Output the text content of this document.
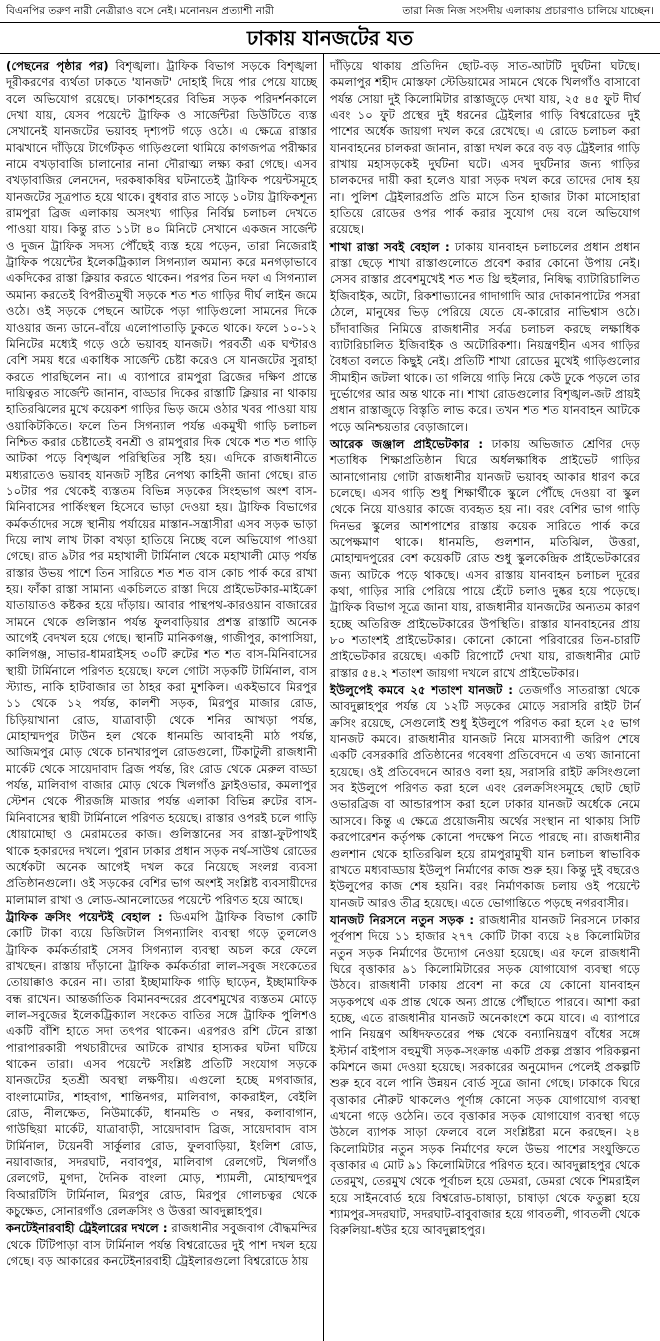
বিএনপির তরুণ নারী নেত্রীরাও বসে নেই। মনোনয়ন প্রত্যাশী নারী	তারা নিজ নিজ সংসদীয় এলাকায় প্রচারণাও চালিয়ে যাচ্ছেন।
ঢাকায় যানজটের যত

(পেছনের পৃষ্ঠার পর) বিশৃঙ্খলা। ট্রাফিক বিভাগ সড়কে বিশৃঙ্খলা দূরীকরণের ব্যর্থতা ঢাকতে 'যানজট' দোহাই দিয়ে পার পেয়ে যাচ্ছে বলে অভিযোগ রয়েছে। ঢাকাশহরের বিভিন্ন সড়ক পরিদর্শনকালে দেখা যায়, যেসব পয়েন্টে ট্রাফিক ও সার্জেন্টরা ডিউটিতে ব্যস্ত সেখানেই যানজটের ভয়াবহ দৃশ্যপট গড়ে ওঠে। এ ক্ষেত্রে রাস্তার মাঝখানে দাঁড়িয়ে টার্গেটকৃত গাড়িগুলো থামিয়ে কাগজপত্র পরীক্ষার নামে বখড়াবাজি চালানোর নানা দৌরাত্ম্য লক্ষ্য করা গেছে। এসব বখড়াবাজির লেনদেন, দরকষাকষির ঘটনাতেই ট্রাফিক পয়েন্টসমূহে যানজটের সূত্রপাত হয়ে থাকে। বুধবার রাত সাড়ে ১০টায় ট্রাফিকশূন্য রামপুরা ব্রিজ এলাকায় অসংখ্য গাড়ির নির্বিঘ্ন চলাচল দেখতে পাওয়া যায়। কিন্তু রাত ১১টা ৪০ মিনিটে সেখানে একজন সার্জেন্ট ও দুজন ট্রাফিক সদস্য পৌঁছেই ব্যস্ত হয়ে পড়েন, তারা নিজেরাই ট্রাফিক পয়েন্টের ইলেকট্রিক্যাল সিগন্যাল অমান্য করে মনগড়াভাবে একদিকের রাস্তা ক্লিয়ার করতে থাকেন। পরপর তিন দফা এ সিগন্যাল অমান্য করতেই বিপরীতমুখী সড়কে শত শত গাড়ির দীর্ঘ লাইন জমে ওঠে। ওই সড়কে পেছনে আটকে পড়া গাড়িগুলো সামনের দিকে যাওয়ার জন্য ডানে-বাঁয়ে এলোপাতাড়ি ঢুকতে থাকে। ফলে ১০-১২ মিনিটের মধ্যেই গড়ে ওঠে ভয়াবহ যানজট। পরবর্তী এক ঘণ্টারও বেশি সময় ধরে একাধিক সার্জেন্ট চেষ্টা করেও সে যানজটের সুরাহা করতে পারছিলেন না। এ ব্যাপারে রামপুরা ব্রিজের দক্ষিণ প্রান্তে দায়িত্বরত সার্জেন্ট জানান, বাড্ডার দিকের রাস্তাটি ক্লিয়ার না থাকায় হাতিরঝিলের মুখে কয়েকশ গাড়ির ভিড় জমে ওঠার খবর পাওয়া যায় ওয়াকিটকিতে। ফলে তিন সিগন্যাল পর্যন্ত একমুখী গাড়ি চলাচল নিশ্চিত করার চেষ্টাতেই বনশ্রী ও রামপুরার দিক থেকে শত শত গাড়ি আটকা পড়ে বিশৃঙ্খল পরিস্থিতির সৃষ্টি হয়। এদিকে রাজধানীতে মধ্যরাতেও ভয়াবহ যানজট সৃষ্টির নেপথ্য কাহিনী জানা গেছে। রাত ১০টার পর থেকেই ব্যস্ততম বিভিন্ন সড়কের সিংহভাগ অংশ বাস-মিনিবাসের পার্কিংস্থল হিসেবে ভাড়া দেওয়া হয়। ট্রাফিক বিভাগের কর্মকর্তাদের সঙ্গে স্থানীয় পর্যায়ের মাস্তান-সন্ত্রাসীরা এসব সড়ক ভাড়া দিয়ে লাখ লাখ টাকা বখড়া হাতিয়ে নিচ্ছে বলে অভিযোগ পাওয়া গেছে। রাত ৯টার পর মহাখালী টার্মিনাল থেকে মহাখালী মোড় পর্যন্ত রাস্তার উভয় পাশে তিন সারিতে শত শত বাস কোচ পার্ক করে রাখা হয়। ফাঁকা রাস্তা সামান্য একচিলতে রাস্তা দিয়ে প্রাইভেটকার-মাইক্রো যাতায়াতও কষ্টকর হয়ে দাঁড়ায়। আবার পান্থপথ-কারওয়ান বাজারের সামনে থেকে গুলিস্তান পর্যন্ত ফুলবাড়িয়ার প্রশস্ত রাস্তাটি অনেক আগেই বেদখল হয়ে গেছে। স্থানটি মানিকগঞ্জ, গাজীপুর, কাপাসিয়া, কালিগঞ্জ, সাভার-ধামরাইসহ ৩০টি রুটের শত শত বাস-মিনিবাসের স্থায়ী টার্মিনালে পরিণত হয়েছে। ফলে গোটা সড়কটি টার্মিনাল, বাস স্ট্যান্ড, নাকি হাটবাজার তা ঠাহর করা মুশকিল। একইভাবে মিরপুর ১১ থেকে ১২ পর্যন্ত, কালশী সড়ক, মিরপুর মাজার রোড, চিড়িয়াখানা রোড, যাত্রাবাড়ী থেকে শনির আখড়া পর্যন্ত, মোহাম্মদপুর টাউন হল থেকে ধানমন্ডি আবাহনী মাঠ পর্যন্ত, আজিমপুর মোড় থেকে চানখারপুল রোডগুলো, টিকাটুলী রাজধানী মার্কেট থেকে সায়েদাবাদ ব্রিজ পর্যন্ত, রিং রোড থেকে মেরুল বাড্ডা পর্যন্ত, মালিবাগ বাজার মোড় থেকে খিলগাঁও ফ্লাইওভার, কমলাপুর স্টেশন থেকে পীরজঙ্গি মাজার পর্যন্ত এলাকা বিভিন্ন রুটের বাস-মিনিবাসের স্থায়ী টার্মিনালে পরিণত হয়েছে। রাস্তার ওপরই চলে গাড়ি ধোয়ামোছা ও মেরামতের কাজ। গুলিস্তানের সব রাস্তা-ফুটপাথই থাকে হকারদের দখলে। পুরান ঢাকার প্রধান সড়ক নর্থ-সাউথ রোডের অর্ধেকটা অনেক আগেই দখল করে নিয়েছে সংলগ্ন ব্যবসা প্রতিষ্ঠানগুলো। ওই সড়কের বেশির ভাগ অংশই সংশ্লিষ্ট ব্যবসায়ীদের মালামাল রাখা ও লোড-আনলোডের পয়েন্টে পরিণত হয়ে আছে।

ট্রাফিক ক্রসিং পয়েন্টই বেহাল : ডিএমপি ট্রাফিক বিভাগ কোটি কোটি টাকা ব্যয়ে ডিজিটাল সিগন্যালিং ব্যবস্থা গড়ে তুললেও ট্রাফিক কর্মকর্তারাই সেসব সিগন্যাল ব্যবস্থা অচল করে ফেলে রাখছেন। রাস্তায় দাঁড়ানো ট্রাফিক কর্মকর্তারা লাল-সবুজ সংকেতের তোয়াক্কাও করেন না। তারা ইচ্ছামাফিক গাড়ি ছাড়েন, ইচ্ছামাফিক বন্ধ রাখেন। আন্তর্জাতিক বিমানবন্দরের প্রবেশমুখের ব্যস্ততম মোড়ে লাল-সবুজের ইলেকট্রিক্যাল সংকেত বাতির সঙ্গে ট্রাফিক পুলিশও একটি বাঁশি হাতে সদা তৎপর থাকেন। এরপরও রশি টেনে রাস্তা পারাপারকারী পথচারীদের আটকে রাখার হাস্যকর ঘটনা ঘটিয়ে থাকেন তারা। এসব পয়েন্টে সংশ্লিষ্ট প্রতিটি সংযোগ সড়কে যানজটের হতশ্রী অবস্থা লক্ষণীয়। এগুলো হচ্ছে মগবাজার, বাংলামোটর, শাহবাগ, শান্তিনগর, মালিবাগ, কাকরাইল, বেইলি রোড, নীলক্ষেত, নিউমার্কেট, ধানমন্ডি ৩ নম্বর, কলাবাগান, গাউছিয়া মার্কেট, যাত্রাবাড়ী, সায়েদাবাদ ব্রিজ, সায়েদাবাদ বাস টার্মিনাল, টয়েনবী সার্কুলার রোড, ফুলবাড়িয়া, ইংলিশ রোড, নয়াবাজার, সদরঘাট, নবাবপুর, মালিবাগ রেলগেট, খিলগাঁও রেলগেট, মুগদা, দৈনিক বাংলা মোড়, শ্যামলী, মোহাম্মদপুর বিআরটিসি টার্মিনাল, মিরপুর রোড, মিরপুর গোলচত্বর থেকে কচুক্ষেত, সোনারগাঁও রেলক্রসিং ও উত্তরা আবদুল্লাহপুর।

কনটেইনারবাহী ট্রেইলারের দখলে : রাজধানীর সবুজবাগ বৌদ্ধমন্দির থেকে টিটিপাড়া বাস টার্মিনাল পর্যন্ত বিশ্বরোডের দুই পাশ দখল হয়ে গেছে। বড় আকারের কনটেইনারবাহী ট্রেইলারগুলো বিশ্বরোডে ঠায়

দাঁড়িয়ে থাকায় প্রতিদিন ছোট-বড় সাত-আটটি দুর্ঘটনা ঘটছে। কমলাপুর শহীদ মোস্তফা স্টেডিয়ামের সামনে থেকে খিলগাঁও বাসাবো পর্যন্ত সোয়া দুই কিলোমিটার রাস্তাজুড়ে দেখা যায়, ২৫ ৪৫ ফুট দীর্ঘ এবং ১০ ফুট প্রস্থের দুই ধরনের ট্রেইলার গাড়ি বিশ্বরোডের দুই পাশের অর্ধেক জায়গা দখল করে রেখেছে। এ রোডে চলাচল করা যানবাহনের চালকরা জানান, রাস্তা দখল করে বড় বড় ট্রেইলার গাড়ি রাখায় মহাসড়কেই দুর্ঘটনা ঘটে। এসব দুর্ঘটনার জন্য গাড়ির চালকদের দায়ী করা হলেও যারা সড়ক দখল করে তাদের দোষ হয় না। পুলিশ ট্রেইলারপ্রতি প্রতি মাসে তিন হাজার টাকা মাসোহারা হাতিয়ে রোডের ওপর পার্ক করার সুযোগ দেয় বলে অভিযোগ রয়েছে।

শাখা রাস্তা সবই বেহাল : ঢাকায় যানবাহন চলাচলের প্রধান প্রধান রাস্তা ছেড়ে শাখা রাস্তাগুলোতে প্রবেশ করার কোনো উপায় নেই। সেসব রাস্তার প্রবেশমুখেই শত শত থ্রি হুইলার, নিষিদ্ধ ব্যাটারিচালিত ইজিবাইক, অটো, রিকশাভ্যানের গাদাগাদি আর দোকানপাটের পসরা ঠেলে, মানুষের ভিড় পেরিয়ে যেতে যে-কারোর নাভিশ্বাস ওঠে। চাঁদাবাজির নিমিত্তে রাজধানীর সর্বত্র চলাচল করছে লক্ষাধিক ব্যাটারিচালিত ইজিবাইক ও অটোরিকশা। নিয়ন্ত্রণহীন এসব গাড়ির বৈধতা বলতে কিছুই নেই। প্রতিটি শাখা রোডের মুখেই গাড়িগুলোর সীমাহীন জটলা থাকে। তা গলিয়ে গাড়ি নিয়ে কেউ ঢুকে পড়লে তার দুর্ভোগের আর অন্ত থাকে না। শাখা রোডগুলোর বিশৃঙ্খল-জট প্রায়ই প্রধান রাস্তাজুড়ে বিস্তৃতি লাভ করে। তখন শত শত যানবাহন আটকে পড়ে অনিশ্চয়তার বেড়াজালে।

আরেক জঞ্জাল প্রাইভেটকার : ঢাকায় অভিজাত শ্রেণির দেড় শতাধিক শিক্ষাপ্রতিষ্ঠান ঘিরে অর্ধলক্ষাধিক প্রাইভেট গাড়ির আনাগোনায় গোটা রাজধানীর যানজট ভয়াবহ আকার ধারণ করে চলেছে। এসব গাড়ি শুধু শিক্ষার্থীকে স্কুলে পৌঁছে দেওয়া বা স্কুল থেকে নিয়ে যাওয়ার কাজে ব্যবহৃত হয় না। বরং বেশির ভাগ গাড়ি দিনভর স্কুলের আশপাশের রাস্তায় কয়েক সারিতে পার্ক করে অপেক্ষমাণ থাকে। ধানমন্ডি, গুলশান, মতিঝিল, উত্তরা, মোহাম্মদপুরের বেশ কয়েকটি রোড শুধু স্কুলকেন্দ্রিক প্রাইভেটকারের জন্য আটকে পড়ে থাকছে। এসব রাস্তায় যানবাহন চলাচল দূরের কথা, গাড়ির সারি পেরিয়ে পায়ে হেঁটে চলাও দুষ্কর হয়ে পড়েছে। ট্রাফিক বিভাগ সূত্রে জানা যায়, রাজধানীর যানজটের অন্যতম কারণ হচ্ছে অতিরিক্ত প্রাইভেটকারের উপস্থিতি। রাস্তার যানবাহনের প্রায় ৮০ শতাংশই প্রাইভেটকার। কোনো কোনো পরিবারের তিন-চারটি প্রাইভেটকার রয়েছে। একটি রিপোর্টে দেখা যায়, রাজধানীর মোট রাস্তার ৫৪.২ শতাংশ জায়গা দখলে রাখে প্রাইভেটকার।

ইউলুপেই কমবে ২৫ শতাংশ যানজট : তেজগাঁও সাতরাস্তা থেকে আবদুল্লাহপুর পর্যন্ত যে ১২টি সড়কের মোড়ে সরাসরি রাইট টার্ন ক্রসিং রয়েছে, সেগুলোই শুধু ইউলুপে পরিণত করা হলে ২৫ ভাগ যানজট কমবে। রাজধানীর যানজট নিয়ে মাসব্যাপী জরিপ শেষে একটি বেসরকারি প্রতিষ্ঠানের গবেষণা প্রতিবেদনে এ তথ্য জানানো হয়েছে। ওই প্রতিবেদনে আরও বলা হয়, সরাসরি রাইট ক্রসিংগুলো সব ইউলুপে পরিণত করা হলে এবং রেলক্রসিংসমূহে ছোট ছোট ওভারব্রিজ বা আন্ডারপাস করা হলে ঢাকার যানজট অর্ধেকে নেমে আসবে। কিন্তু এ ক্ষেত্রে প্রয়োজনীয় অর্থের সংস্থান না থাকায় সিটি করপোরেশন কর্তৃপক্ষ কোনো পদক্ষেপ নিতে পারছে না। রাজধানীর গুলশান থেকে হাতিরঝিল হয়ে রামপুরামুখী যান চলাচল স্বাভাবিক রাখতে মধ্যবাড্ডায় ইউলুপ নির্মাণের কাজ শুরু হয়। কিন্তু দুই বছরেও ইউলুপের কাজ শেষ হয়নি। বরং নির্মাণকাজ চলায় ওই পয়েন্টে যানজট আরও তীব্র হয়েছে। এতে ভোগান্তিতে পড়ছে নগরবাসীর।

যানজট নিরসনে নতুন সড়ক : রাজধানীর যানজট নিরসনে ঢাকার পূর্বপাশ দিয়ে ১১ হাজার ২৭৭ কোটি টাকা ব্যয়ে ২৪ কিলোমিটার নতুন সড়ক নির্মাণের উদ্যোগ নেওয়া হয়েছে। এর ফলে রাজধানী ঘিরে বৃত্তাকার ৯১ কিলোমিটারের সড়ক যোগাযোগ ব্যবস্থা গড়ে উঠবে। রাজধানী ঢাকায় প্রবেশ না করে যে কোনো যানবাহন সড়কপথে এক প্রান্ত থেকে অন্য প্রান্তে পৌঁছাতে পারবে। আশা করা হচ্ছে, এতে রাজধানীর যানজট অনেকাংশে কমে যাবে। এ ব্যাপারে পানি নিয়ন্ত্রণ অধিদফতরের পক্ষ থেকে বন্যানিয়ন্ত্রণ বাঁধের সঙ্গে ইস্টার্ন বাইপাস বহুমুখী সড়ক-সংক্রান্ত একটি প্রকল্প প্রস্তাব পরিকল্পনা কমিশনে জমা দেওয়া হয়েছে। সরকারের অনুমোদন পেলেই প্রকল্পটি শুরু হবে বলে পানি উন্নয়ন বোর্ড সূত্রে জানা গেছে। ঢাকাকে ঘিরে বৃত্তাকার নৌরুট থাকলেও পূর্ণাঙ্গ কোনো সড়ক যোগাযোগ ব্যবস্থা এখনো গড়ে ওঠেনি। তবে বৃত্তাকার সড়ক যোগাযোগ ব্যবস্থা গড়ে উঠলে ব্যাপক সাড়া ফেলবে বলে সংশ্লিষ্টরা মনে করছেন। ২৪ কিলোমিটার নতুন সড়ক নির্মাণের ফলে উভয় পাশের সংযুক্তিতে বৃত্তাকার এ মোট ৯১ কিলোমিটারে পরিণত হবে। আবদুল্লাহপুর থেকে তেরমুখ, তেরমুখ থেকে পূর্বাচল হয়ে ডেমরা, ডেমরা থেকে শিমরাইল হয়ে সাইনবোর্ড হয়ে বিশ্বরোড-চাষাড়া, চাষাড়া থেকে ফতুল্লা হয়ে শ্যামপুর-সদরঘাট, সদরঘাট-বাবুবাজার হয়ে গাবতলী, গাবতলী থেকে বিরুলিয়া-ধউর হয়ে আবদুল্লাহপুর।
